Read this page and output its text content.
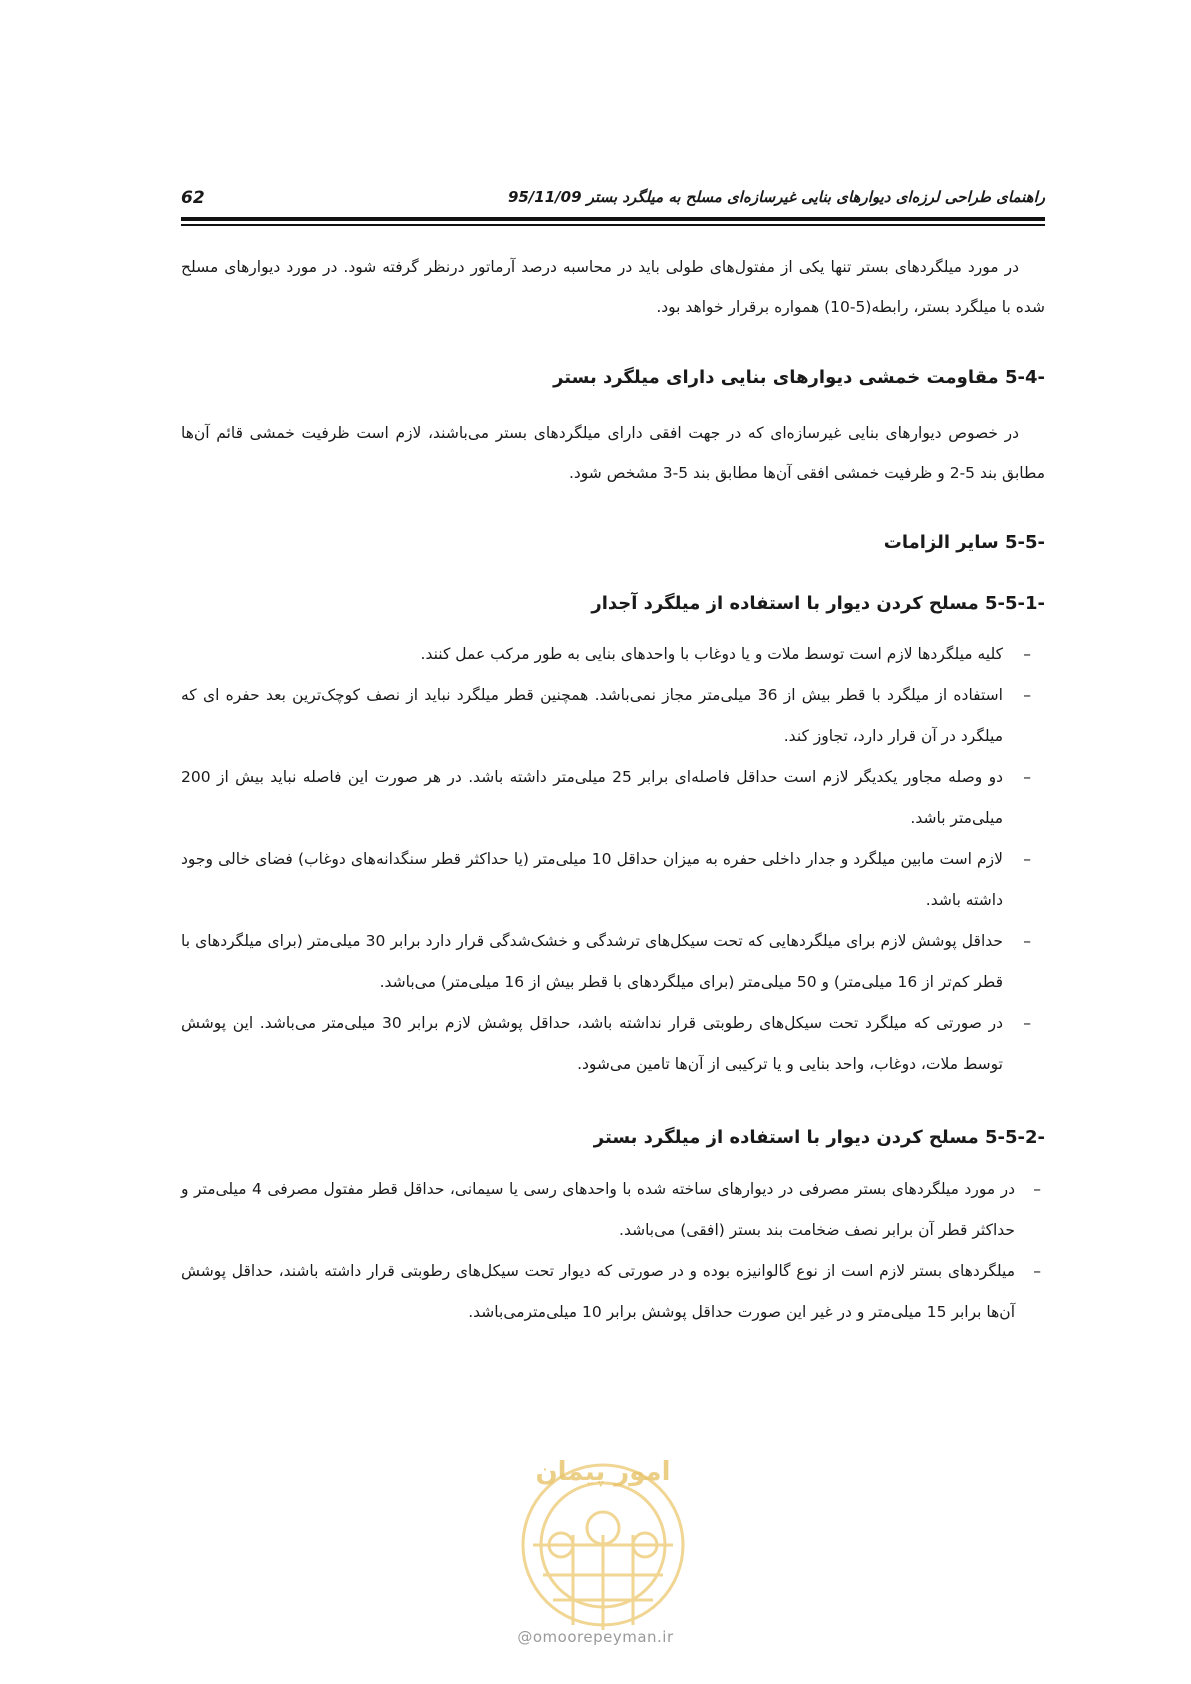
62	راهنمای طراحی لرزه‌ای دیوارهای بنایی غیرسازه‌ای مسلح به میلگرد بستر 95/11/09
در مورد میلگردهای بستر تنها یکی از مفتول‌های طولی باید در محاسبه درصد آرماتور درنظر گرفته شود. در مورد دیوارهای مسلح شده با میلگرد بستر، رابطه(5-10) همواره برقرار خواهد بود.
5-4- مقاومت خمشی دیوارهای بنایی دارای میلگرد بستر
در خصوص دیوارهای بنایی غیرسازه‌ای که در جهت افقی دارای میلگردهای بستر می‌باشند، لازم است ظرفیت خمشی قائم آن‌ها مطابق بند 5-2 و ظرفیت خمشی افقی آن‌ها مطابق بند 5-3 مشخص شود.
5-5- سایر الزامات
5-5-1- مسلح کردن دیوار با استفاده از میلگرد آجدار
–
کلیه میلگردها لازم است توسط ملات و یا دوغاب با واحدهای بنایی به طور مرکب عمل کنند.
–
استفاده از میلگرد با قطر بیش از 36 میلی‌متر مجاز نمی‌باشد. همچنین قطر میلگرد نباید از نصف کوچک‌ترین بعد حفره ای که میلگرد در آن قرار دارد، تجاوز کند.
–
دو وصله مجاور یکدیگر لازم است حداقل فاصله‌ای برابر 25 میلی‌متر داشته باشد. در هر صورت این فاصله نباید بیش از 200 میلی‌متر باشد.
–
لازم است مابین میلگرد و جدار داخلی حفره به میزان حداقل 10 میلی‌متر (یا حداکثر قطر سنگدانه‌های دوغاب) فضای خالی وجود داشته باشد.
–
حداقل پوشش لازم برای میلگردهایی که تحت سیکل‌های ترشدگی و خشک‌شدگی قرار دارد برابر 30 میلی‌متر (برای میلگردهای با قطر کم‌تر از 16 میلی‌متر) و 50 میلی‌متر (برای میلگردهای با قطر بیش از 16 میلی‌متر) می‌باشد.
–
در صورتی که میلگرد تحت سیکل‌های رطوبتی قرار نداشته باشد، حداقل پوشش لازم برابر 30 میلی‌متر می‌باشد. این پوشش توسط ملات، دوغاب، واحد بنایی و یا ترکیبی از آن‌ها تامین می‌شود.
5-5-2- مسلح کردن دیوار با استفاده از میلگرد بستر
–
در مورد میلگردهای بستر مصرفی در دیوارهای ساخته شده با واحدهای رسی یا سیمانی، حداقل قطر مفتول مصرفی 4 میلی‌متر و حداکثر قطر آن برابر نصف ضخامت بند بستر (افقی) می‌باشد.
–
میلگردهای بستر لازم است از نوع گالوانیزه بوده و در صورتی که دیوار تحت سیکل‌های رطوبتی قرار داشته باشند، حداقل پوشش آن‌ها برابر 15 میلی‌متر و در غیر این صورت حداقل پوشش برابر 10 میلی‌مترمی‌باشد.
امور پیمان
@omoorepeyman.ir
